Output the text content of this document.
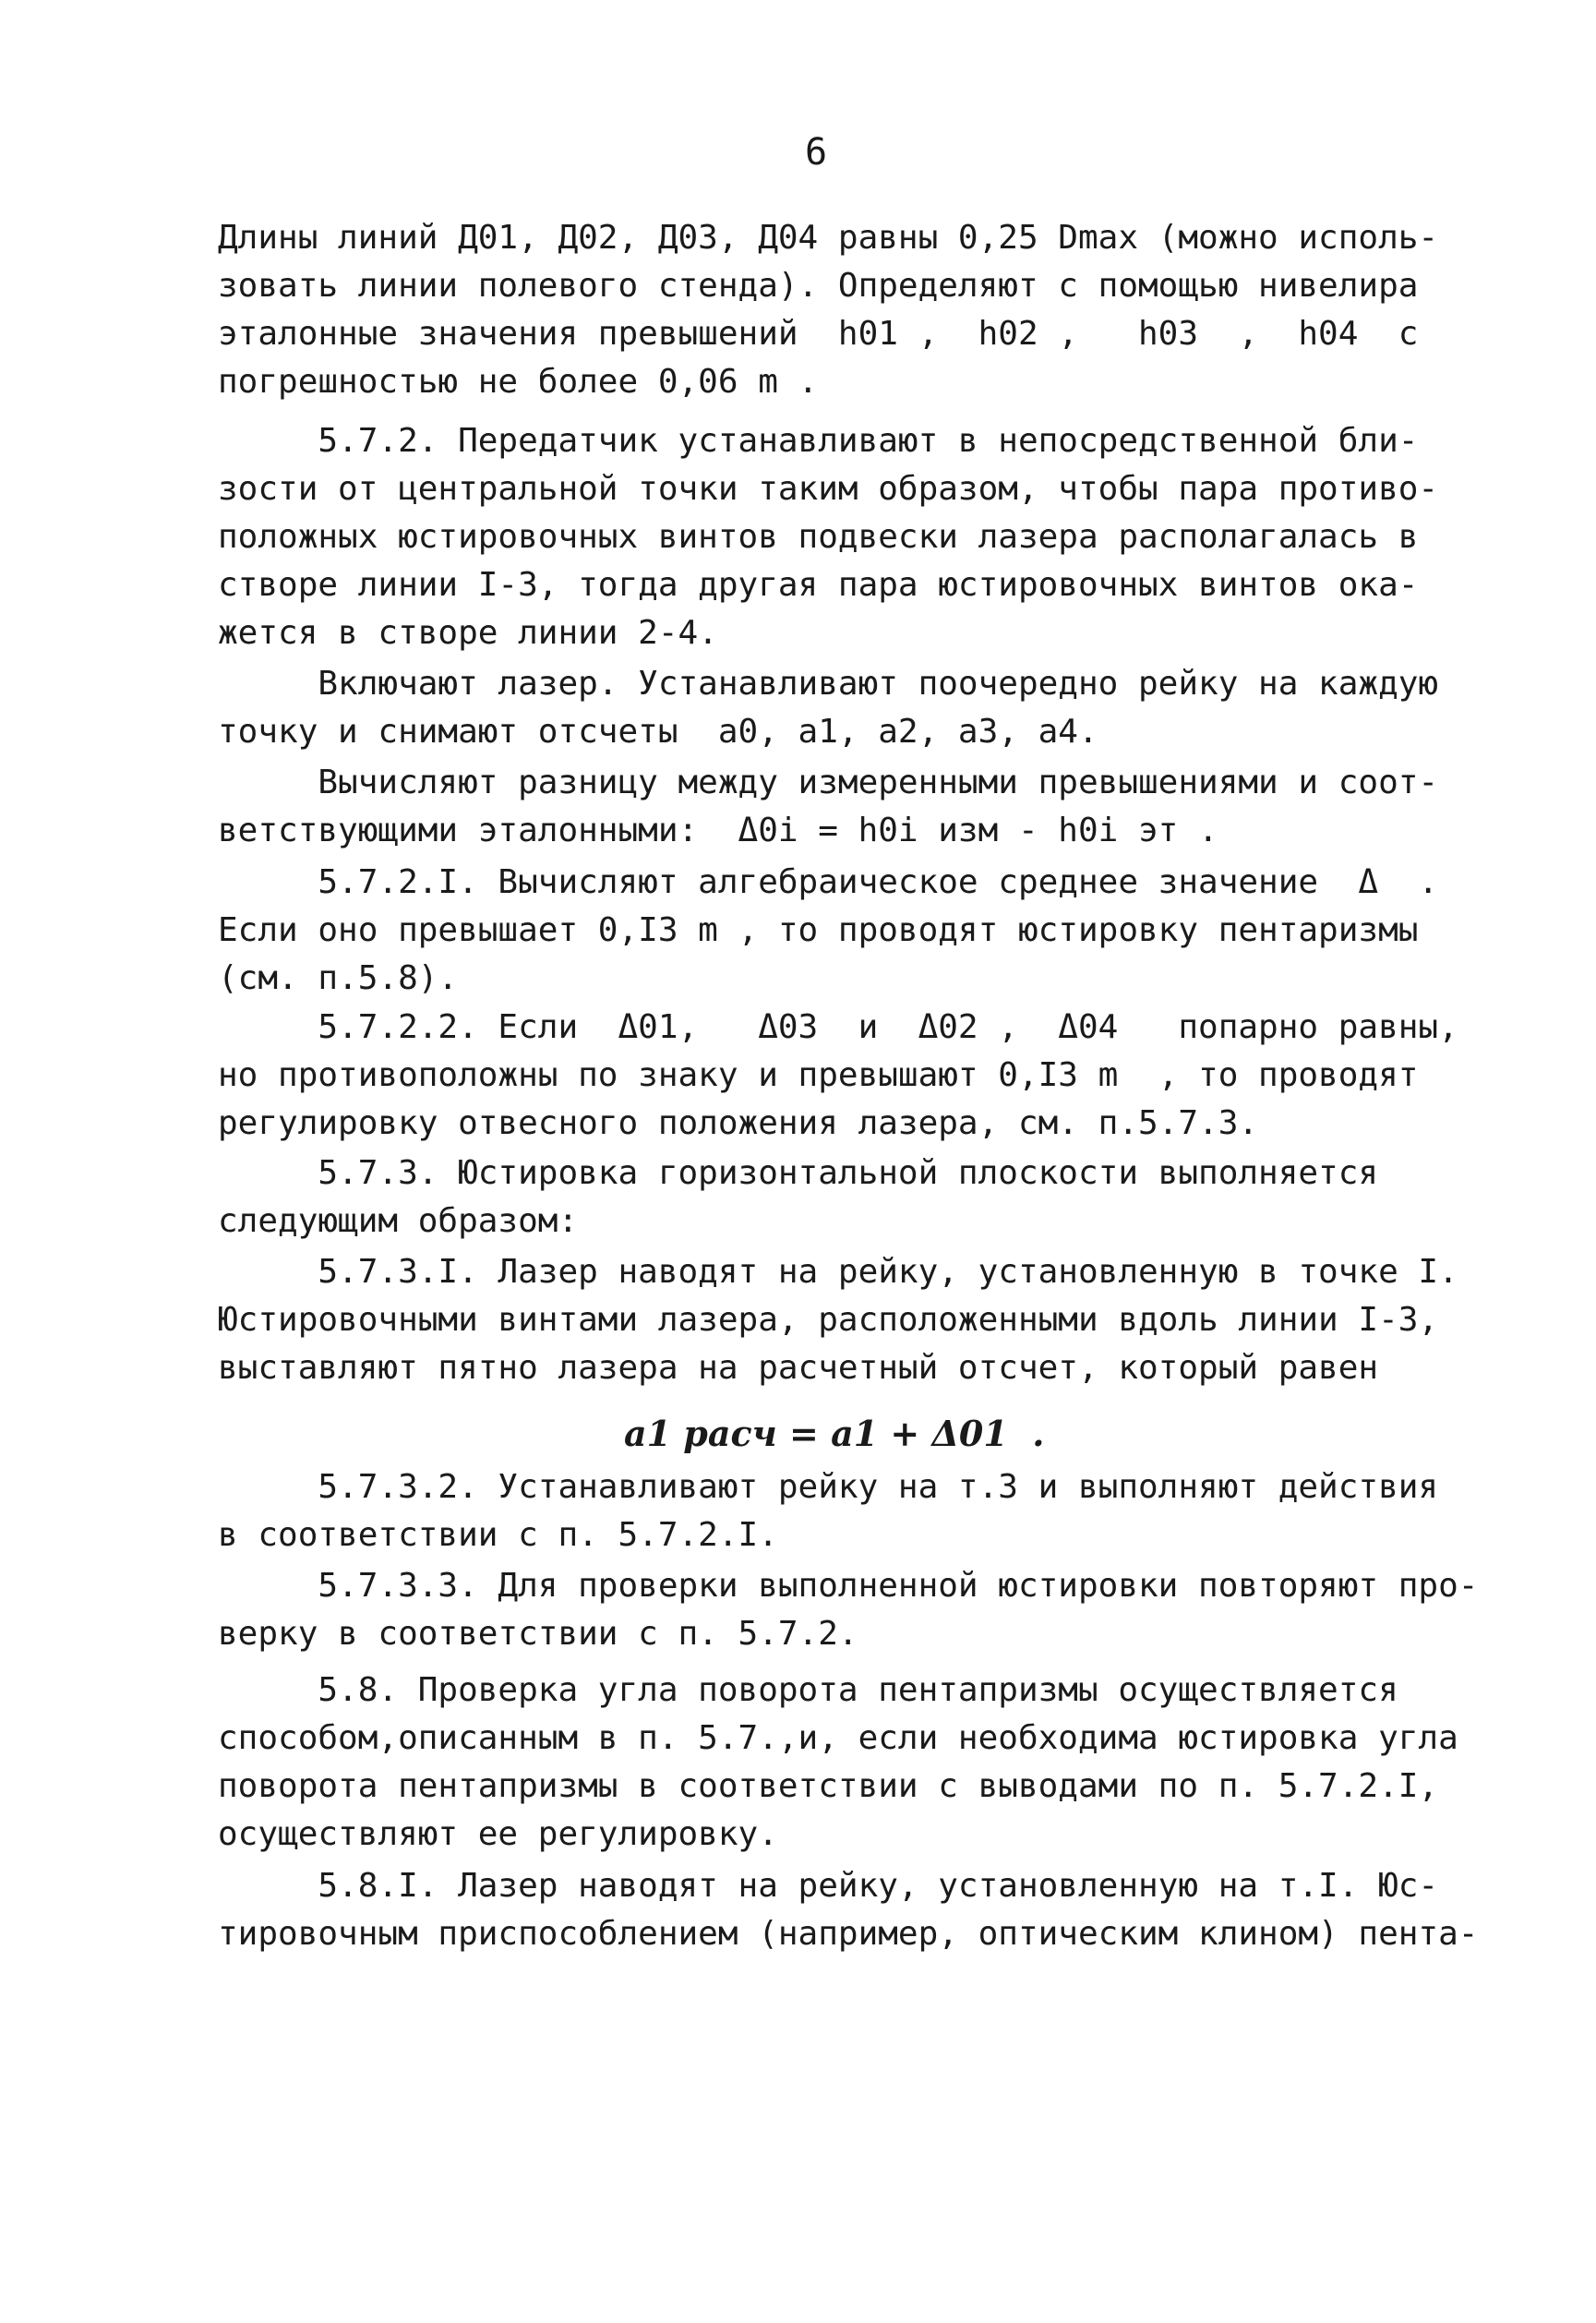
6
Длины линий Д01, Д02, Д03, Д04 равны 0,25 Dmax (можно исполь-
зовать линии полевого стенда). Определяют с помощью нивелира
эталонные значения превышений  h01 ,  h02 ,   h03  ,  h04  с
погрешностью не более 0,06 m .
5.7.2. Передатчик устанавливают в непосредственной бли-
зости от центральной точки таким образом, чтобы пара противо-
положных юстировочных винтов подвески лазера располагалась в
створе линии I-3, тогда другая пара юстировочных винтов ока-
жется в створе линии 2-4.
Включают лазер. Устанавливают поочередно рейку на каждую
точку и снимают отсчеты  a0, a1, a2, a3, a4.
Вычисляют разницу между измеренными превышениями и соот-
ветствующими эталонными:  Δ0i = h0i изм - h0i эт .
5.7.2.I. Вычисляют алгебраическое среднее значение  Δ  .
Если оно превышает 0,I3 m , то проводят юстировку пентаризмы
(см. п.5.8).
5.7.2.2. Если  Δ01,   Δ03  и  Δ02 ,  Δ04   попарно равны,
но противоположны по знаку и превышают 0,I3 m  , то проводят
регулировку отвесного положения лазера, см. п.5.7.3.
5.7.3. Юстировка горизонтальной плоскости выполняется
следующим образом:
5.7.3.I. Лазер наводят на рейку, установленную в точке I.
Юстировочными винтами лазера, расположенными вдоль линии I-3,
выставляют пятно лазера на расчетный отсчет, который равен
5.7.3.2. Устанавливают рейку на т.3 и выполняют действия
в соответствии с п. 5.7.2.I.
5.7.3.3. Для проверки выполненной юстировки повторяют про-
верку в соответствии с п. 5.7.2.
5.8. Проверка угла поворота пентапризмы осуществляется
способом,описанным в п. 5.7.,и, если необходима юстировка угла
поворота пентапризмы в соответствии с выводами по п. 5.7.2.I,
осуществляют ее регулировку.
5.8.I. Лазер наводят на рейку, установленную на т.I. Юс-
тировочным приспособлением (например, оптическим клином) пента-
a1 расч = a1 + Δ01  .
